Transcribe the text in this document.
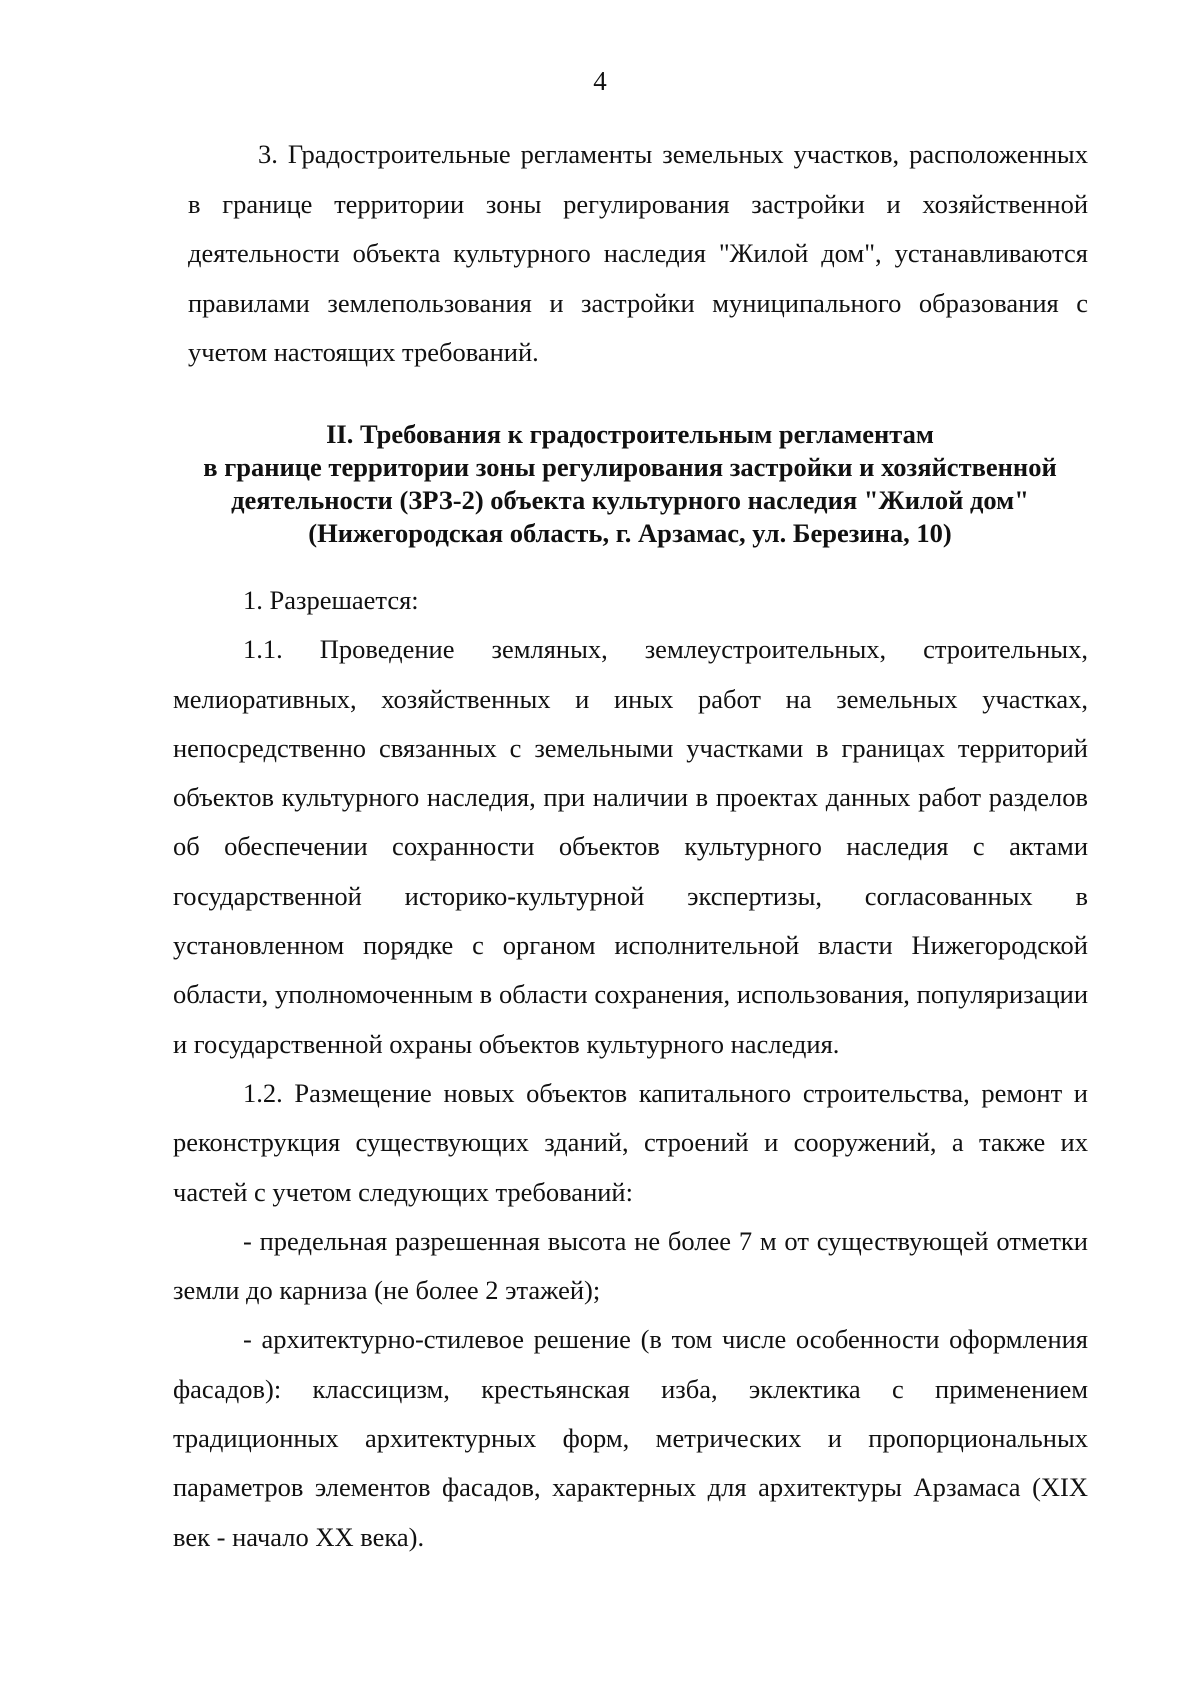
4

3. Градостроительные регламенты земельных участков, расположенных в границе территории зоны регулирования застройки и хозяйственной деятельности объекта культурного наследия "Жилой дом", устанавливаются правилами землепользования и застройки муниципального образования с учетом настоящих требований.

II. Требования к градостроительным регламентам
в границе территории зоны регулирования застройки и хозяйственной
деятельности (ЗРЗ-2) объекта культурного наследия "Жилой дом"
(Нижегородская область, г. Арзамас, ул. Березина, 10)

1. Разрешается:

1.1. Проведение земляных, землеустроительных, строительных, мелиоративных, хозяйственных и иных работ на земельных участках, непосредственно связанных с земельными участками в границах территорий объектов культурного наследия, при наличии в проектах данных работ разделов об обеспечении сохранности объектов культурного наследия с актами государственной историко-культурной экспертизы, согласованных в установленном порядке с органом исполнительной власти Нижегородской области, уполномоченным в области сохранения, использования, популяризации и государственной охраны объектов культурного наследия.

1.2. Размещение новых объектов капитального строительства, ремонт и реконструкция существующих зданий, строений и сооружений, а также их частей с учетом следующих требований:

- предельная разрешенная высота не более 7 м от существующей отметки земли до карниза (не более 2 этажей);

- архитектурно-стилевое решение (в том числе особенности оформления фасадов): классицизм, крестьянская изба, эклектика с применением традиционных архитектурных форм, метрических и пропорциональных параметров элементов фасадов, характерных для архитектуры Арзамаса (XIX век - начало XX века).
